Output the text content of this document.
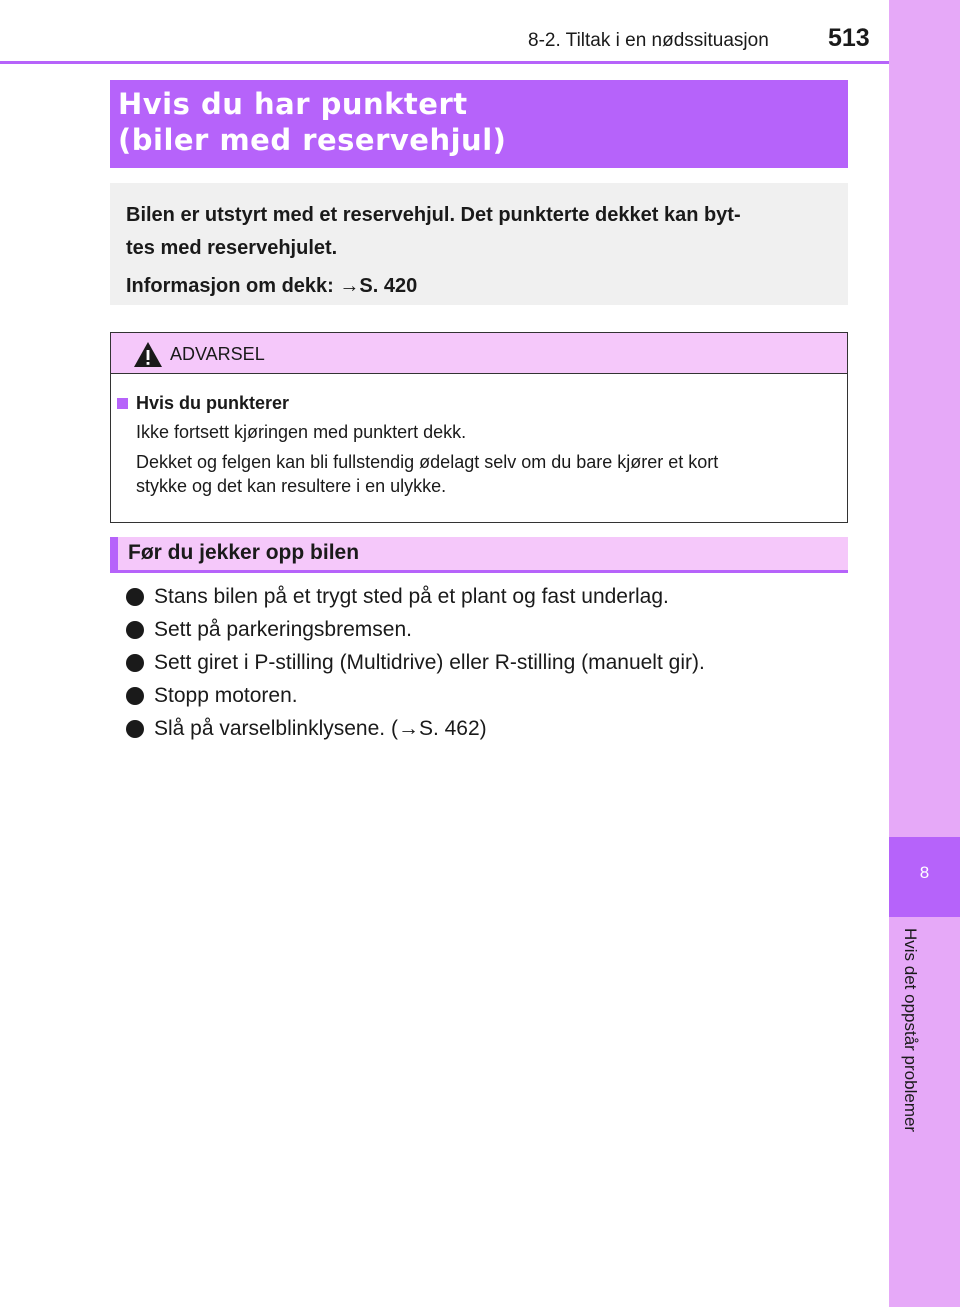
8
Hvis det oppstår problemer
8-2. Tiltak i en nødssituasjon 513
Hvis du har punktert
(biler med reservehjul)
Bilen er utstyrt med et reservehjul. Det punkterte dekket kan byt-
tes med reservehjulet.
Informasjon om dekk: →S. 420
ADVARSEL
Hvis du punkterer
Ikke fortsett kjøringen med punktert dekk.
Dekket og felgen kan bli fullstendig ødelagt selv om du bare kjører et kort
stykke og det kan resultere i en ulykke.
Før du jekker opp bilen
Stans bilen på et trygt sted på et plant og fast underlag.
Sett på parkeringsbremsen.
Sett giret i P-stilling (Multidrive) eller R-stilling (manuelt gir).
Stopp motoren.
Slå på varselblinklysene. (→S. 462)
